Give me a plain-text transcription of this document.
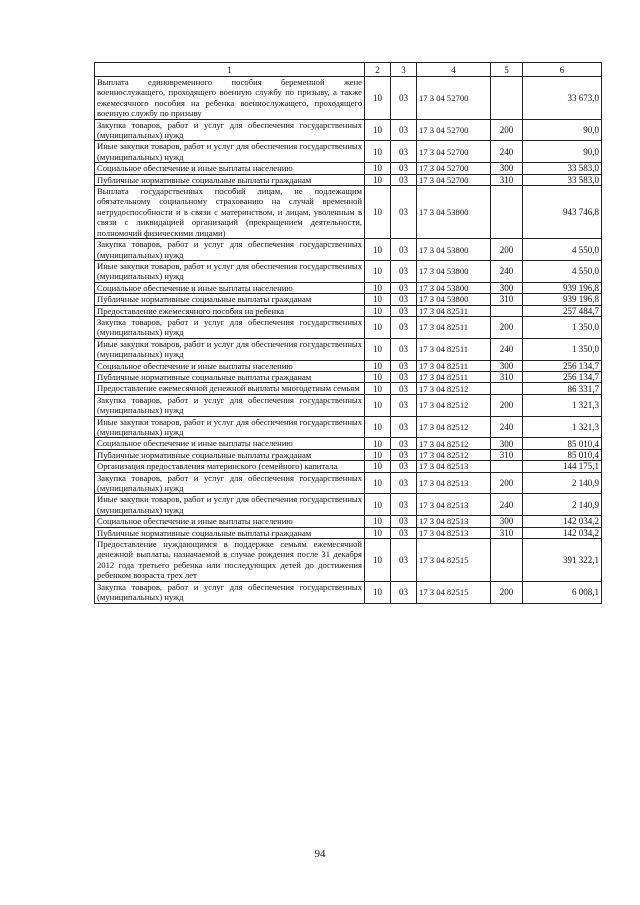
1	2	3	4	5	6
Выплата единовременного пособия беременной жене военнослужащего, проходящего военную службу по призыву, а также ежемесячного пособия на ребенка военнослужащего, проходящего военную службу по призыву	10	03	17 3 04 52700		33 673,0
Закупка товаров, работ и услуг для обеспечения государственных (муниципальных) нужд	10	03	17 3 04 52700	200	90,0
Иные закупки товаров, работ и услуг для обеспечения государственных (муниципальных) нужд	10	03	17 3 04 52700	240	90,0
Социальное обеспечение и иные выплаты населению	10	03	17 3 04 52700	300	33 583,0
Публичные нормативные социальные выплаты гражданам	10	03	17 3 04 52700	310	33 583,0
Выплата государственных пособий лицам, не подлежащим обязательному социальному страхованию на случай временной нетрудоспособности и в связи с материнством, и лицам, уволенным в связи с ликвидацией организаций (прекращением деятельности, полномочий физическими лицами)	10	03	17 3 04 53800		943 746,8
Закупка товаров, работ и услуг для обеспечения государственных (муниципальных) нужд	10	03	17 3 04 53800	200	4 550,0
Иные закупки товаров, работ и услуг для обеспечения государственных (муниципальных) нужд	10	03	17 3 04 53800	240	4 550,0
Социальное обеспечение и иные выплаты населению	10	03	17 3 04 53800	300	939 196,8
Публичные нормативные социальные выплаты гражданам	10	03	17 3 04 53800	310	939 196,8
Предоставление ежемесячного пособия на ребенка	10	03	17 3 04 82511		257 484,7
Закупка товаров, работ и услуг для обеспечения государственных (муниципальных) нужд	10	03	17 3 04 82511	200	1 350,0
Иные закупки товаров, работ и услуг для обеспечения государственных (муниципальных) нужд	10	03	17 3 04 82511	240	1 350,0
Социальное обеспечение и иные выплаты населению	10	03	17 3 04 82511	300	256 134,7
Публичные нормативные социальные выплаты гражданам	10	03	17 3 04 82511	310	256 134,7
Предоставление ежемесячной денежной выплаты многодетным семьям	10	03	17 3 04 82512		86 331,7
Закупка товаров, работ и услуг для обеспечения государственных (муниципальных) нужд	10	03	17 3 04 82512	200	1 321,3
Иные закупки товаров, работ и услуг для обеспечения государственных (муниципальных) нужд	10	03	17 3 04 82512	240	1 321,3
Социальное обеспечение и иные выплаты населению	10	03	17 3 04 82512	300	85 010,4
Публичные нормативные социальные выплаты гражданам	10	03	17 3 04 82512	310	85 010,4
Организация предоставления материнского (семейного) капитала	10	03	17 3 04 82513		144 175,1
Закупка товаров, работ и услуг для обеспечения государственных (муниципальных) нужд	10	03	17 3 04 82513	200	2 140,9
Иные закупки товаров, работ и услуг для обеспечения государственных (муниципальных) нужд	10	03	17 3 04 82513	240	2 140,9
Социальное обеспечение и иные выплаты населению	10	03	17 3 04 82513	300	142 034,2
Публичные нормативные социальные выплаты гражданам	10	03	17 3 04 82513	310	142 034,2
Предоставление нуждающимся в поддержке семьям ежемесячной денежной выплаты, назначаемой в случае рождения после 31 декабря 2012 года третьего ребенка или последующих детей до достижения ребенком возраста трех лет	10	03	17 3 04 82515		391 322,1
Закупка товаров, работ и услуг для обеспечения государственных (муниципальных) нужд	10	03	17 3 04 82515	200	6 008,1
94
